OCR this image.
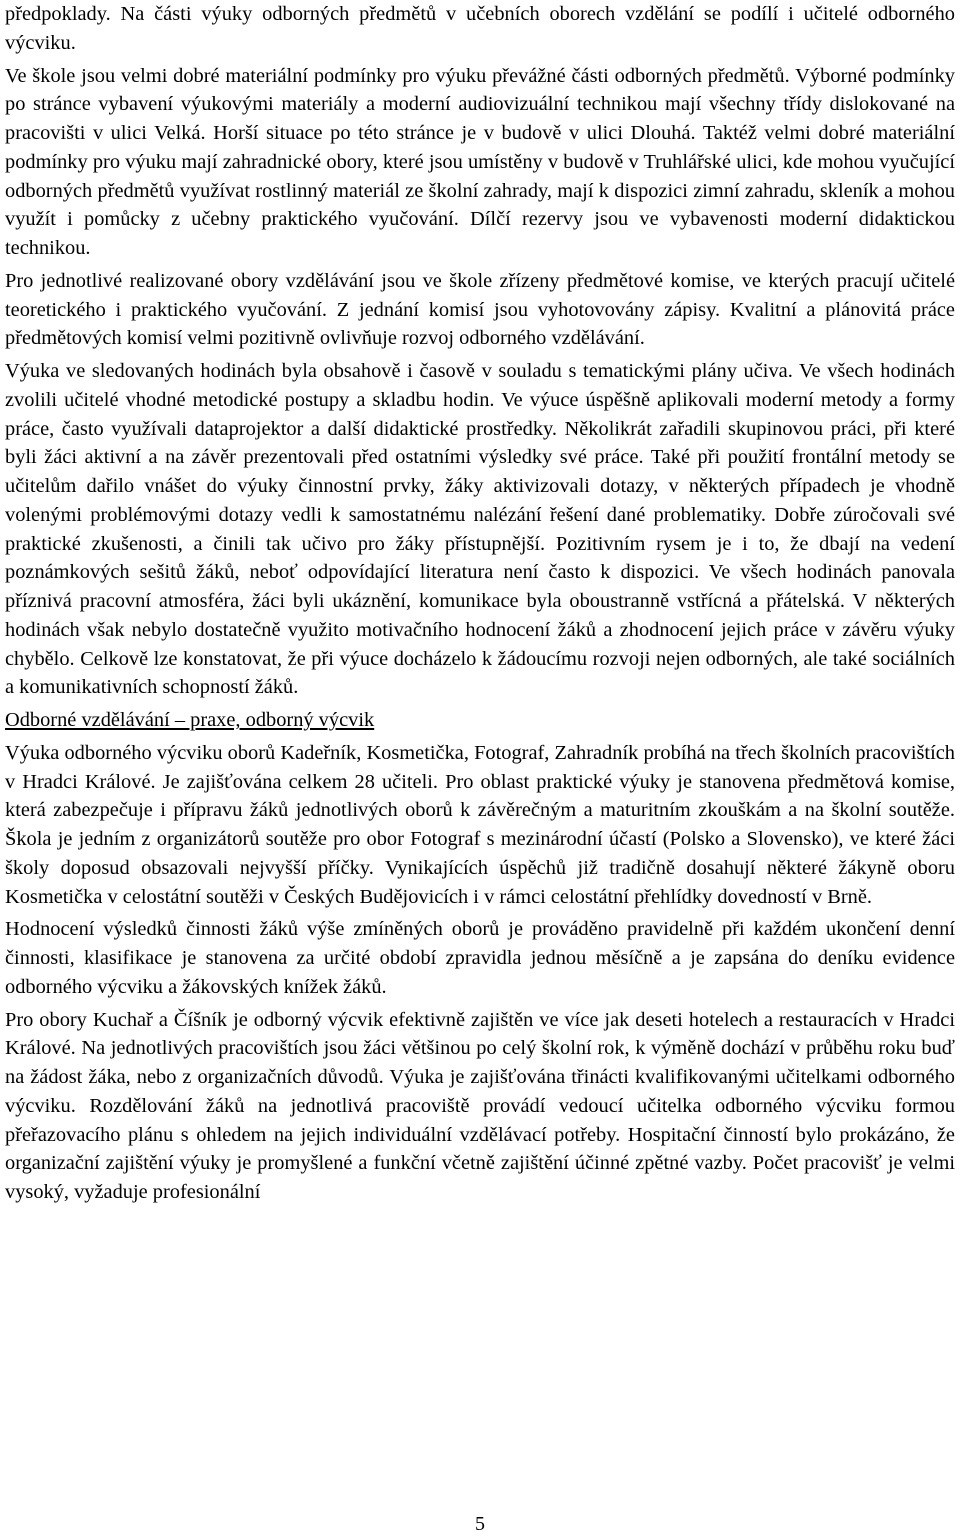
předpoklady. Na části výuky odborných předmětů v učebních oborech vzdělání se podílí i učitelé odborného výcviku.

Ve škole jsou velmi dobré materiální podmínky pro výuku převážné části odborných předmětů. Výborné podmínky po stránce vybavení výukovými materiály a moderní audiovizuální technikou mají všechny třídy dislokované na pracovišti v ulici Velká. Horší situace po této stránce je v budově v ulici Dlouhá. Taktéž velmi dobré materiální podmínky pro výuku mají zahradnické obory, které jsou umístěny v budově v Truhlářské ulici, kde mohou vyučující odborných předmětů využívat rostlinný materiál ze školní zahrady, mají k dispozici zimní zahradu, skleník a mohou využít i pomůcky z učebny praktického vyučování. Dílčí rezervy jsou ve vybavenosti moderní didaktickou technikou.

Pro jednotlivé realizované obory vzdělávání jsou ve škole zřízeny předmětové komise, ve kterých pracují učitelé teoretického i praktického vyučování. Z jednání komisí jsou vyhotovovány zápisy. Kvalitní a plánovitá práce předmětových komisí velmi pozitivně ovlivňuje rozvoj odborného vzdělávání.

Výuka ve sledovaných hodinách byla obsahově i časově v souladu s tematickými plány učiva. Ve všech hodinách zvolili učitelé vhodné metodické postupy a skladbu hodin. Ve výuce úspěšně aplikovali moderní metody a formy práce, často využívali dataprojektor a další didaktické prostředky. Několikrát zařadili skupinovou práci, při které byli žáci aktivní a na závěr prezentovali před ostatními výsledky své práce. Také při použití frontální metody se učitelům dařilo vnášet do výuky činnostní prvky, žáky aktivizovali dotazy, v některých případech je vhodně volenými problémovými dotazy vedli k samostatnému nalézání řešení dané problematiky. Dobře zúročovali své praktické zkušenosti, a činili tak učivo pro žáky přístupnější. Pozitivním rysem je i to, že dbají na vedení poznámkových sešitů žáků, neboť odpovídající literatura není často k dispozici. Ve všech hodinách panovala příznivá pracovní atmosféra, žáci byli ukáznění, komunikace byla oboustranně vstřícná a přátelská. V některých hodinách však nebylo dostatečně využito motivačního hodnocení žáků a zhodnocení jejich práce v závěru výuky chybělo. Celkově lze konstatovat, že při výuce docházelo k žádoucímu rozvoji nejen odborných, ale také sociálních a komunikativních schopností žáků.

Odborné vzdělávání – praxe, odborný výcvik

Výuka odborného výcviku oborů Kadeřník, Kosmetička, Fotograf, Zahradník probíhá na třech školních pracovištích v Hradci Králové. Je zajišťována celkem 28 učiteli. Pro oblast praktické výuky je stanovena předmětová komise, která zabezpečuje i přípravu žáků jednotlivých oborů k závěrečným a maturitním zkouškám a na školní soutěže. Škola je jedním z organizátorů soutěže pro obor Fotograf s mezinárodní účastí (Polsko a Slovensko), ve které žáci školy doposud obsazovali nejvyšší příčky. Vynikajících úspěchů již tradičně dosahují některé žákyně oboru Kosmetička v celostátní soutěži v Českých Budějovicích i v rámci celostátní přehlídky dovedností v Brně.

Hodnocení výsledků činnosti žáků výše zmíněných oborů je prováděno pravidelně při každém ukončení denní činnosti, klasifikace je stanovena za určité období zpravidla jednou měsíčně a je zapsána do deníku evidence odborného výcviku a žákovských knížek žáků.

Pro obory Kuchař a Číšník je odborný výcvik efektivně zajištěn ve více jak deseti hotelech a restauracích v Hradci Králové. Na jednotlivých pracovištích jsou žáci většinou po celý školní rok, k výměně dochází v průběhu roku buď na žádost žáka, nebo z organizačních důvodů. Výuka je zajišťována třinácti kvalifikovanými učitelkami odborného výcviku. Rozdělování žáků na jednotlivá pracoviště provádí vedoucí učitelka odborného výcviku formou přeřazovacího plánu s ohledem na jejich individuální vzdělávací potřeby. Hospitační činností bylo prokázáno, že organizační zajištění výuky je promyšlené a funkční včetně zajištění účinné zpětné vazby. Počet pracovišť je velmi vysoký, vyžaduje profesionální

5
